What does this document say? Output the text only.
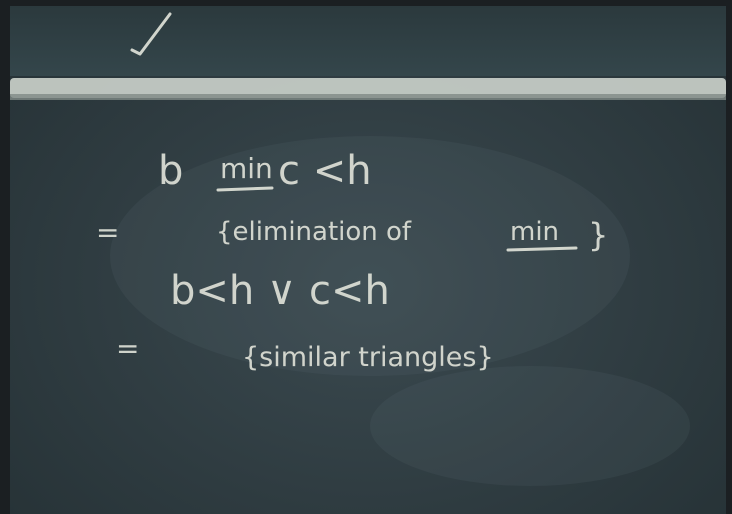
b min c <h
=	{elimination of	min }
b<h ∨ c<h
=	{similar triangles}
